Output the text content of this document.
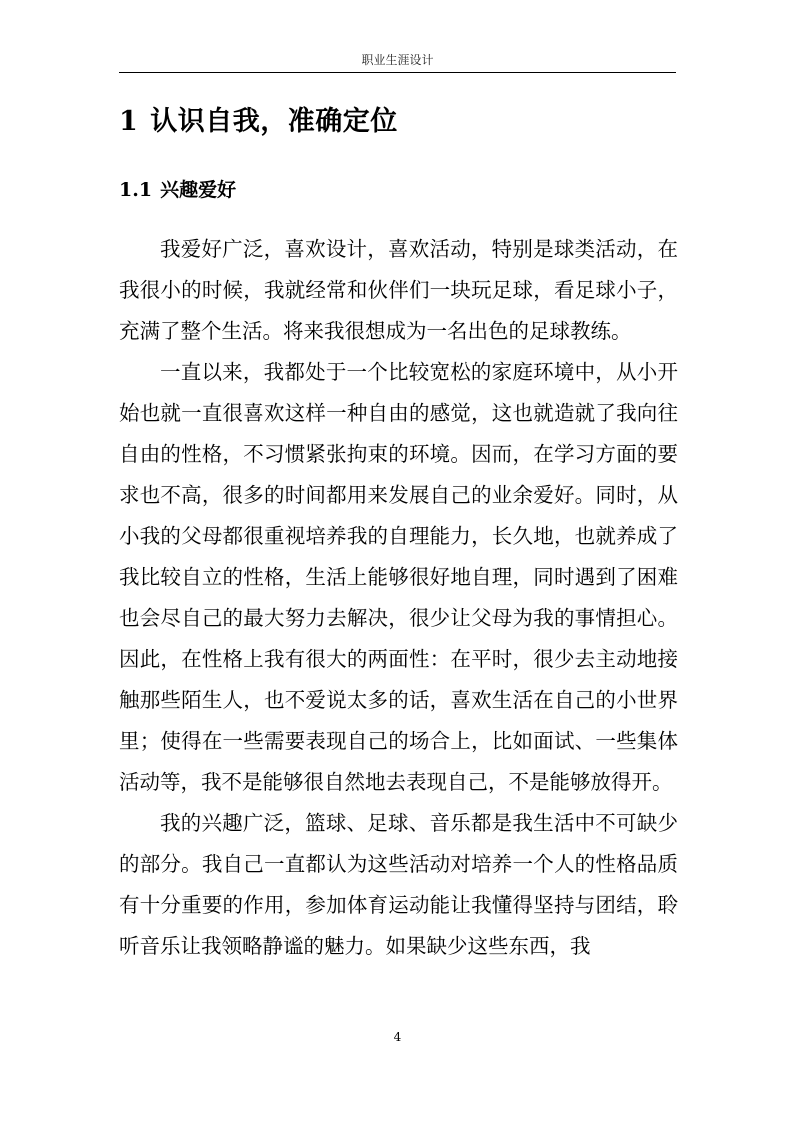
职业生涯设计
1 认识自我，准确定位
1.1 兴趣爱好

我爱好广泛，喜欢设计，喜欢活动，特别是球类活动，在我很小的时候，我就经常和伙伴们一块玩足球，看足球小子，充满了整个生活。将来我很想成为一名出色的足球教练。

一直以来，我都处于一个比较宽松的家庭环境中，从小开始也就一直很喜欢这样一种自由的感觉，这也就造就了我向往自由的性格，不习惯紧张拘束的环境。因而，在学习方面的要求也不高，很多的时间都用来发展自己的业余爱好。同时，从小我的父母都很重视培养我的自理能力，长久地，也就养成了我比较自立的性格，生活上能够很好地自理，同时遇到了困难也会尽自己的最大努力去解决，很少让父母为我的事情担心。因此，在性格上我有很大的两面性：在平时，很少去主动地接触那些陌生人，也不爱说太多的话，喜欢生活在自己的小世界里；使得在一些需要表现自己的场合上，比如面试、一些集体活动等，我不是能够很自然地去表现自己，不是能够放得开。

我的兴趣广泛，篮球、足球、音乐都是我生活中不可缺少的部分。我自己一直都认为这些活动对培养一个人的性格品质有十分重要的作用，参加体育运动能让我懂得坚持与团结，聆听音乐让我领略静谧的魅力。如果缺少这些东西，我

4
